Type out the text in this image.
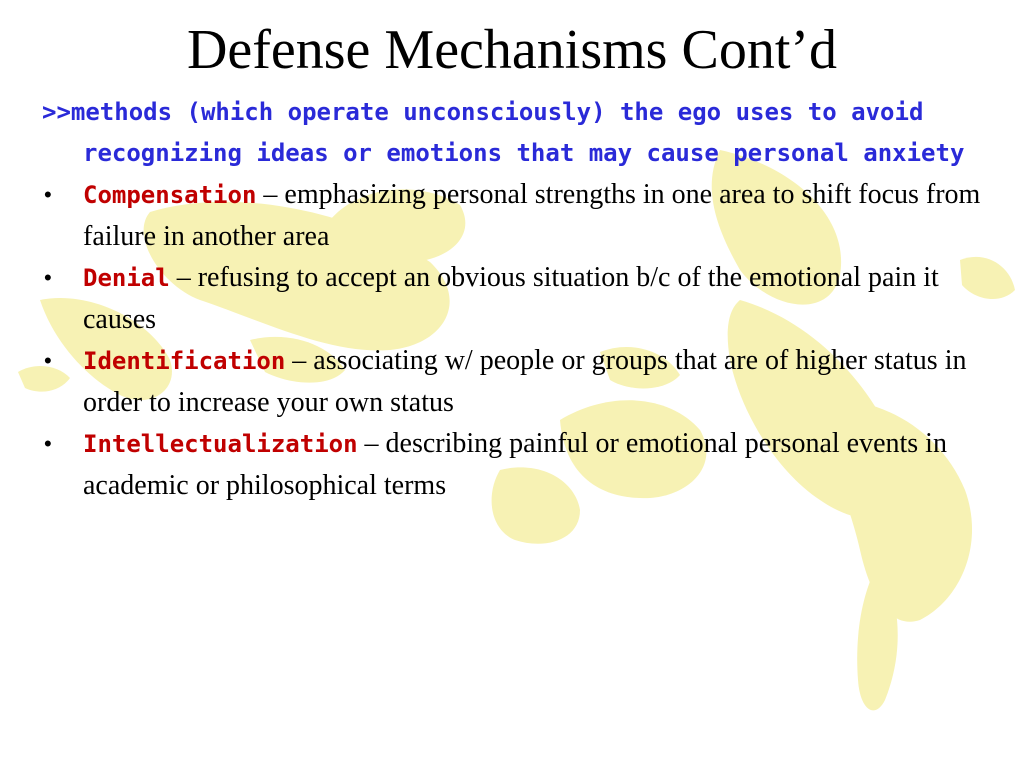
Defense Mechanisms Cont’d

>>methods (which operate unconsciously) the ego uses to avoid recognizing ideas or emotions that may cause personal anxiety

• Compensation – emphasizing personal strengths in one area to shift focus from failure in another area
• Denial – refusing to accept an obvious situation b/c of the emotional pain it causes
• Identification – associating w/ people or groups that are of higher status in order to increase your own status
• Intellectualization – describing painful or emotional personal events in academic or philosophical terms
